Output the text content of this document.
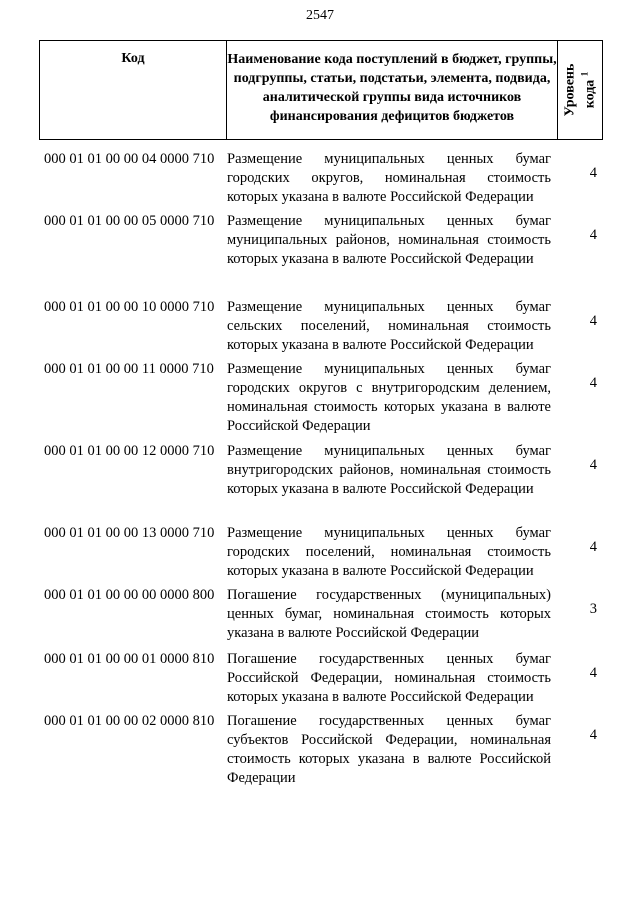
2547
Код	Наименование кода поступлений в бюджет, группы, подгруппы, статьи, подстатьи, элемента, подвида, аналитической группы вида источников финансирования дефицитов бюджетов
Уровень кода $^1$
000 01 01 00 00 04 0000 710 Размещение муниципальных ценных бумаг городских округов, номинальная стоимость которых указана в валюте Российской Федерации
4
000 01 01 00 00 05 0000 710 Размещение муниципальных ценных бумаг муниципальных районов, номинальная стоимость которых указана в валюте Российской Федерации
4
000 01 01 00 00 10 0000 710 Размещение муниципальных ценных бумаг сельских поселений, номинальная стоимость которых указана в валюте Российской Федерации
4
000 01 01 00 00 11 0000 710 Размещение муниципальных ценных бумаг городских округов с внутригородским делением, номинальная стоимость которых указана в валюте Российской Федерации
4
000 01 01 00 00 12 0000 710 Размещение муниципальных ценных бумаг внутригородских районов, номинальная стоимость которых указана в валюте Российской Федерации
4
000 01 01 00 00 13 0000 710 Размещение муниципальных ценных бумаг городских поселений, номинальная стоимость которых указана в валюте Российской Федерации
4
000 01 01 00 00 00 0000 800 Погашение государственных (муниципальных) ценных бумаг, номинальная стоимость которых указана в валюте Российской Федерации
3
000 01 01 00 00 01 0000 810 Погашение государственных ценных бумаг Российской Федерации, номинальная стоимость которых указана в валюте Российской Федерации
4
000 01 01 00 00 02 0000 810 Погашение государственных ценных бумаг субъектов Российской Федерации, номинальная стоимость которых указана в валюте Российской Федерации
4
